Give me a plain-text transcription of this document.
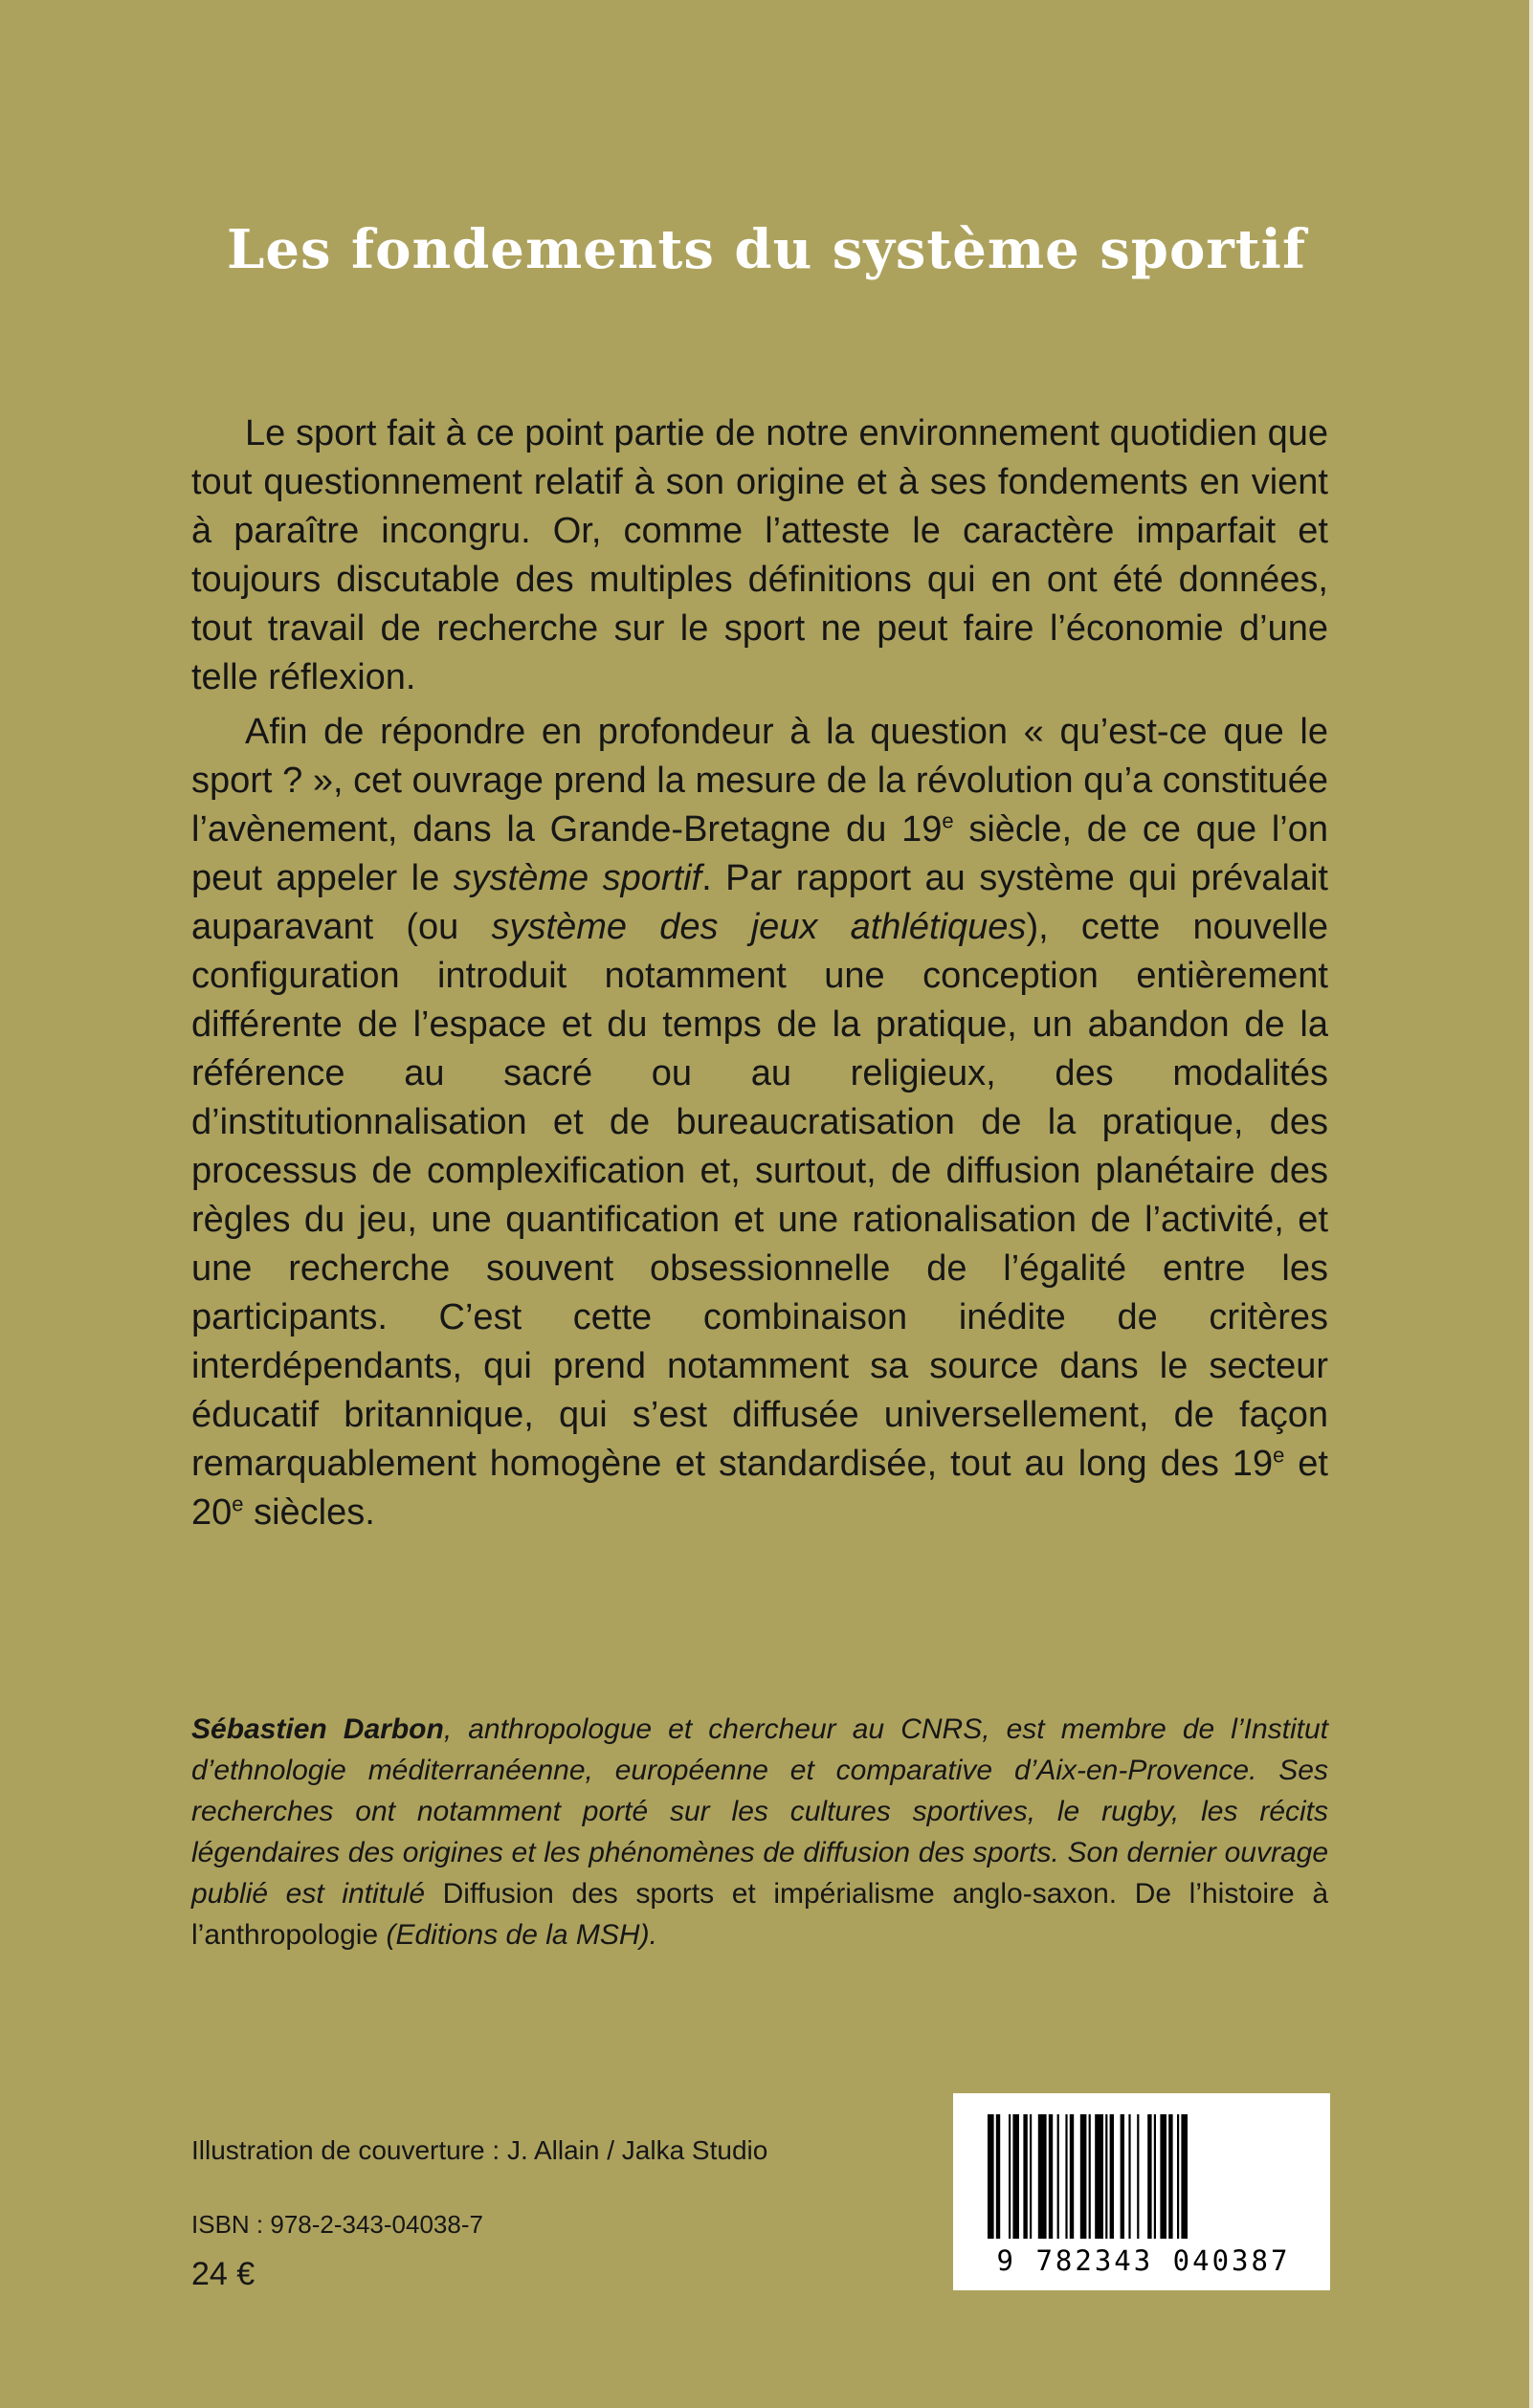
Les fondements du système sportif

Le sport fait à ce point partie de notre environnement quotidien que tout questionnement relatif à son origine et à ses fondements en vient à paraître incongru. Or, comme l’atteste le caractère imparfait et toujours discutable des multiples définitions qui en ont été données, tout travail de recherche sur le sport ne peut faire l’économie d’une telle réflexion.

Afin de répondre en profondeur à la question « qu’est-ce que le sport ? », cet ouvrage prend la mesure de la révolution qu’a constituée l’avènement, dans la Grande-Bretagne du 19e siècle, de ce que l’on peut appeler le système sportif. Par rapport au système qui prévalait auparavant (ou système des jeux athlétiques), cette nouvelle configuration introduit notamment une conception entièrement différente de l’espace et du temps de la pratique, un abandon de la référence au sacré ou au religieux, des modalités d’institutionnalisation et de bureaucratisation de la pratique, des processus de complexification et, surtout, de diffusion planétaire des règles du jeu, une quantification et une rationalisation de l’activité, et une recherche souvent obsessionnelle de l’égalité entre les participants. C’est cette combinaison inédite de critères interdépendants, qui prend notamment sa source dans le secteur éducatif britannique, qui s’est diffusée universellement, de façon remarquablement homogène et standardisée, tout au long des 19e et 20e siècles.

Sébastien Darbon, anthropologue et chercheur au CNRS, est membre de l’Institut d’ethnologie méditerranéenne, européenne et comparative d’Aix-en-Provence. Ses recherches ont notamment porté sur les cultures sportives, le rugby, les récits légendaires des origines et les phénomènes de diffusion des sports. Son dernier ouvrage publié est intitulé Diffusion des sports et impérialisme anglo-saxon. De l’histoire à l’anthropologie (Editions de la MSH).
Illustration de couverture : J. Allain / Jalka Studio
ISBN : 978-2-343-04038-7
24 €	9 782343 040387
